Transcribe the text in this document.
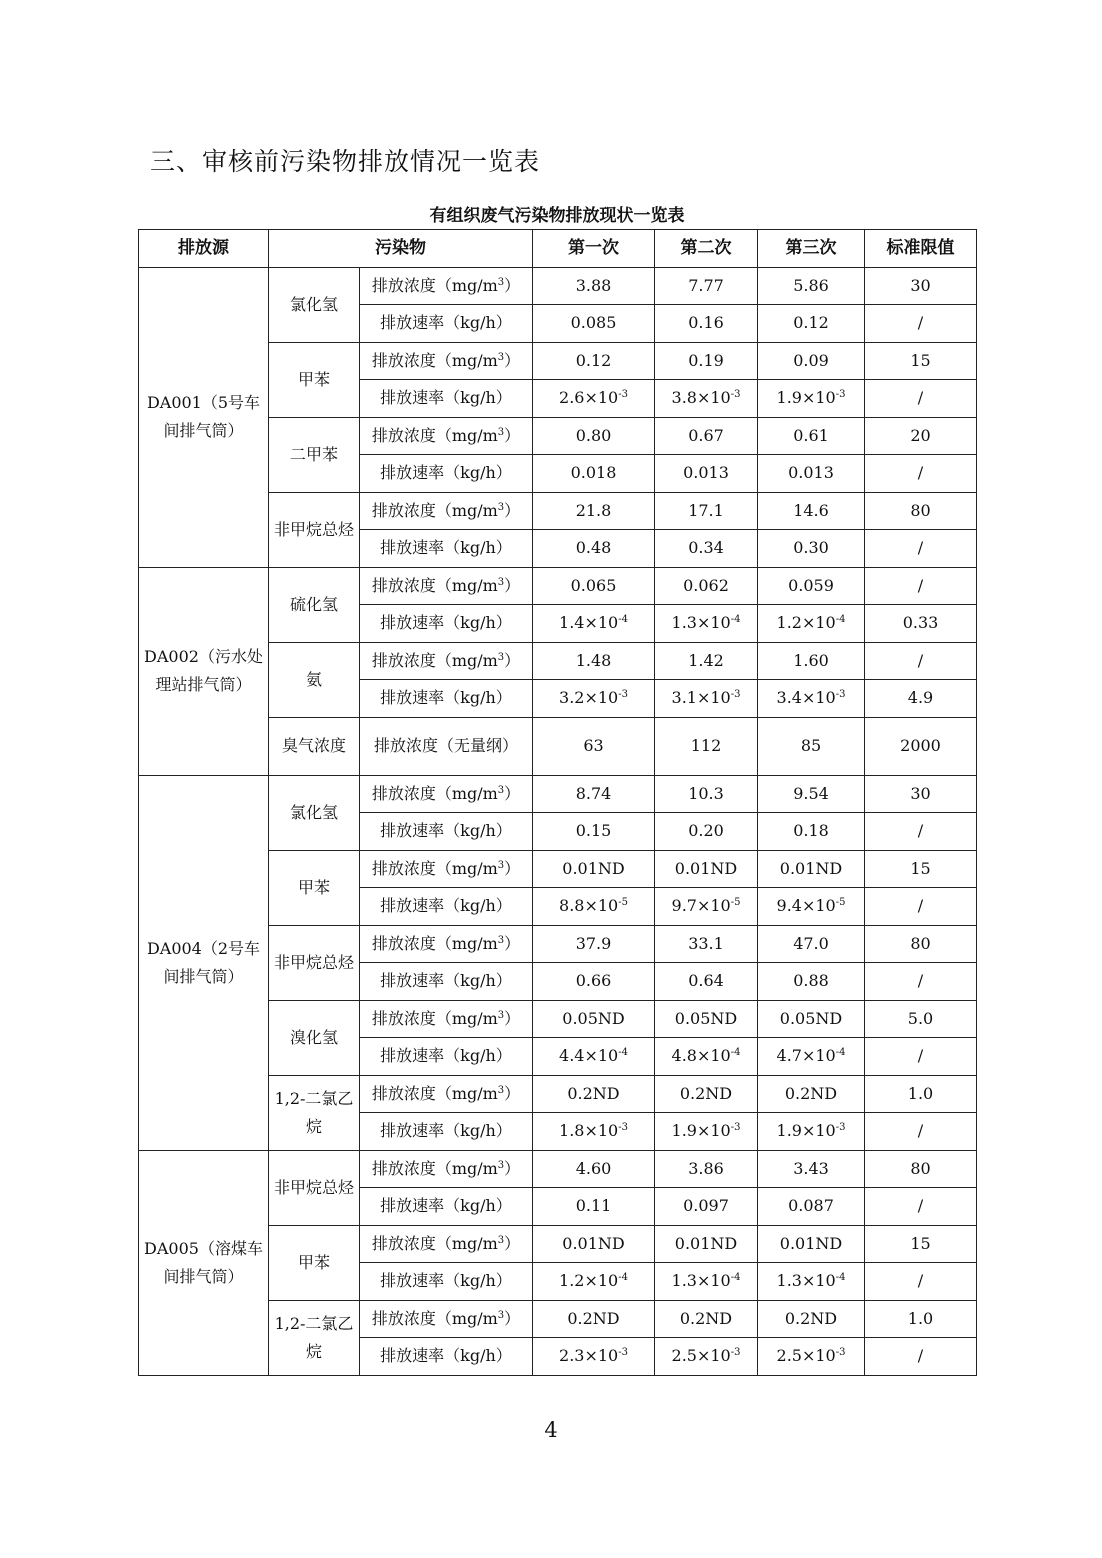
三、审核前污染物排放情况一览表
有组织废气污染物排放现状一览表
排放源	污染物		第一次	第二次	第三次	标准限值
DA001（5号车间排气筒）	氯化氢	排放浓度$(mg/m^3)$	3.88	7.77	5.86	30
		排放速率（kg/h）	0.085	0.16	0.12	/
	甲苯	排放浓度$(mg/m^3)$	0.12	0.19	0.09	15
		排放速率（kg/h）	$2.6\times 10^{-3}$	$3.8\times 10^{-3}$	$1.9\times 10^{-3}$	/
	二甲苯	排放浓度$(mg/m^3)$	0.80	0.67	0.61	20
		排放速率（kg/h）	0.018	0.013	0.013	/
	非甲烷总烃	排放浓度$(mg/m^3)$	21.8	17.1	14.6	80
		排放速率（kg/h）	0.48	0.34	0.30	/
DA002（污水处理站排气筒）	硫化氢	排放浓度$(mg/m^3)$	0.065	0.062	0.059	/
		排放速率（kg/h）	$1.4\times 10^{-4}$	$1.3\times 10^{-4}$	$1.2\times 10^{-4}$	0.33
	氨	排放浓度$(mg/m^3)$	1.48	1.42	1.60	/
		排放速率（kg/h）	$3.2\times 10^{-3}$	$3.1\times 10^{-3}$	$3.4\times 10^{-3}$	4.9
	臭气浓度	排放浓度（无量纲）	63	112	85	2000
DA004（2号车间排气筒）	氯化氢	排放浓度$(mg/m^3)$	8.74	10.3	9.54	30
		排放速率（kg/h）	0.15	0.20	0.18	/
	甲苯	排放浓度$(mg/m^3)$	0.01ND	0.01ND	0.01ND	15
		排放速率（kg/h）	$8.8\times 10^{-5}$	$9.7\times 10^{-5}$	$9.4\times 10^{-5}$	/
	非甲烷总烃	排放浓度$(mg/m^3)$	37.9	33.1	47.0	80
		排放速率（kg/h）	0.66	0.64	0.88	/
	溴化氢	排放浓度$(mg/m^3)$	0.05ND	0.05ND	0.05ND	5.0
		排放速率（kg/h）	$4.4\times 10^{-4}$	$4.8\times 10^{-4}$	$4.7\times 10^{-4}$	/
	1,2-二氯乙烷	排放浓度$(mg/m^3)$	0.2ND	0.2ND	0.2ND	1.0
		排放速率（kg/h）	$1.8\times 10^{-3}$	$1.9\times 10^{-3}$	$1.9\times 10^{-3}$	/
DA005（溶煤车间排气筒）	非甲烷总烃	排放浓度$(mg/m^3)$	4.60	3.86	3.43	80
		排放速率（kg/h）	0.11	0.097	0.087	/
	甲苯	排放浓度$(mg/m^3)$	0.01ND	0.01ND	0.01ND	15
		排放速率（kg/h）	$1.2\times 10^{-4}$	$1.3\times 10^{-4}$	$1.3\times 10^{-4}$	/
	1,2-二氯乙烷	排放浓度$(mg/m^3)$	0.2ND	0.2ND	0.2ND	1.0
		排放速率（kg/h）	$2.3\times 10^{-3}$	$2.5\times 10^{-3}$	$2.5\times 10^{-3}$	/
4
